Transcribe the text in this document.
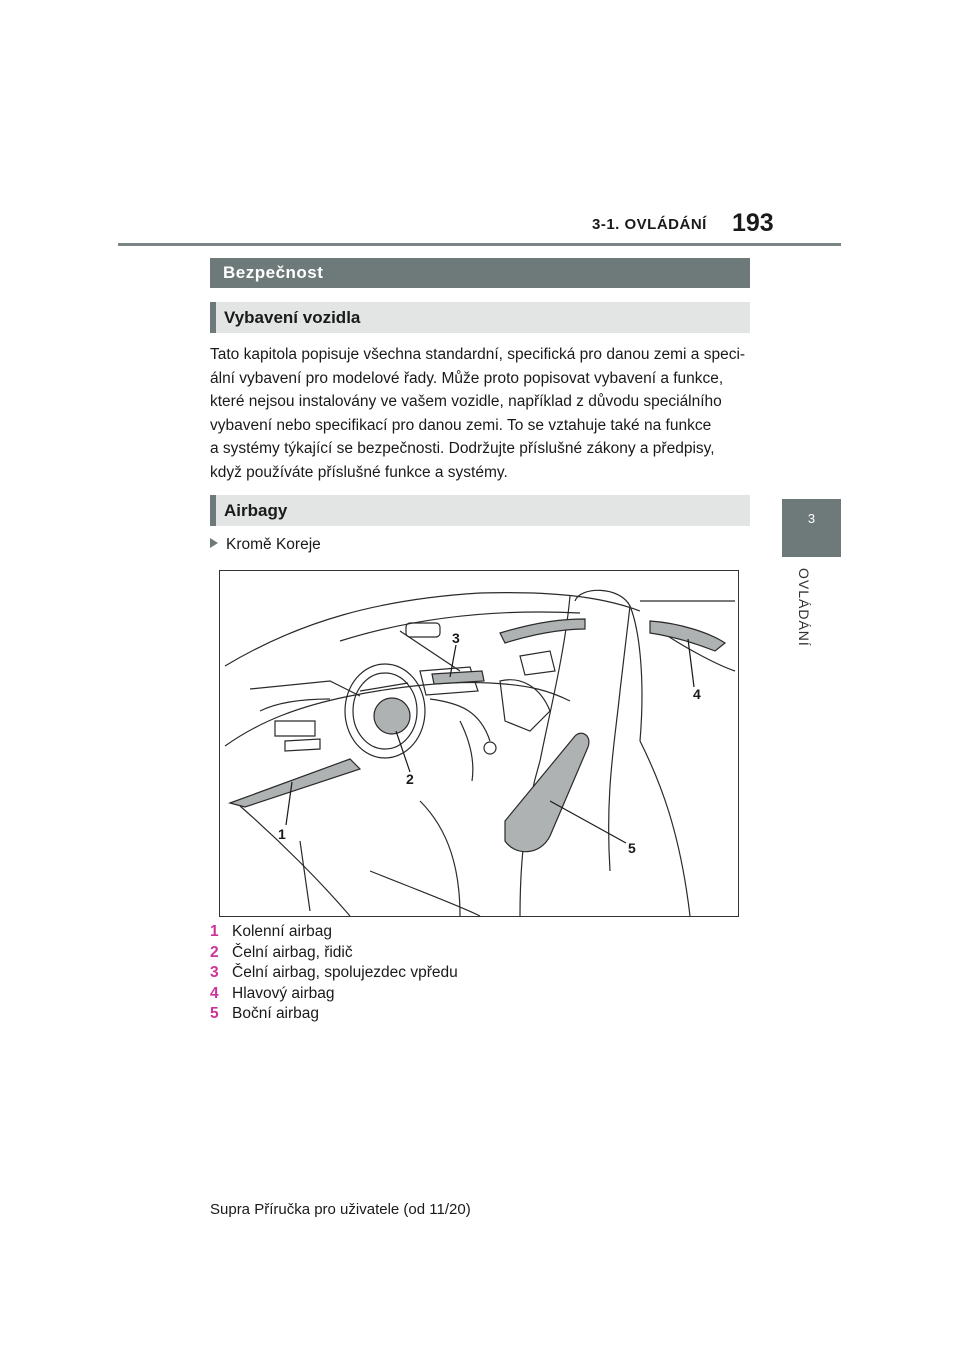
3-1. OVLÁDÁNÍ 193
3
OVLÁDÁNÍ
Bezpečnost
Vybavení vozidla
Tato kapitola popisuje všechna standardní, specifická pro danou zemi a speci-
ální vybavení pro modelové řady. Může proto popisovat vybavení a funkce,
které nejsou instalovány ve vašem vozidle, například z důvodu speciálního
vybavení nebo specifikací pro danou zemi. To se vztahuje také na funkce
a systémy týkající se bezpečnosti. Dodržujte příslušné zákony a předpisy,
když používáte příslušné funkce a systémy.
Airbagy
Kromě Koreje
1
2
3
4
5
1 Kolenní airbag
2 Čelní airbag, řidič
3 Čelní airbag, spolujezdec vpředu
4 Hlavový airbag
5 Boční airbag
Supra Příručka pro uživatele (od 11/20)
